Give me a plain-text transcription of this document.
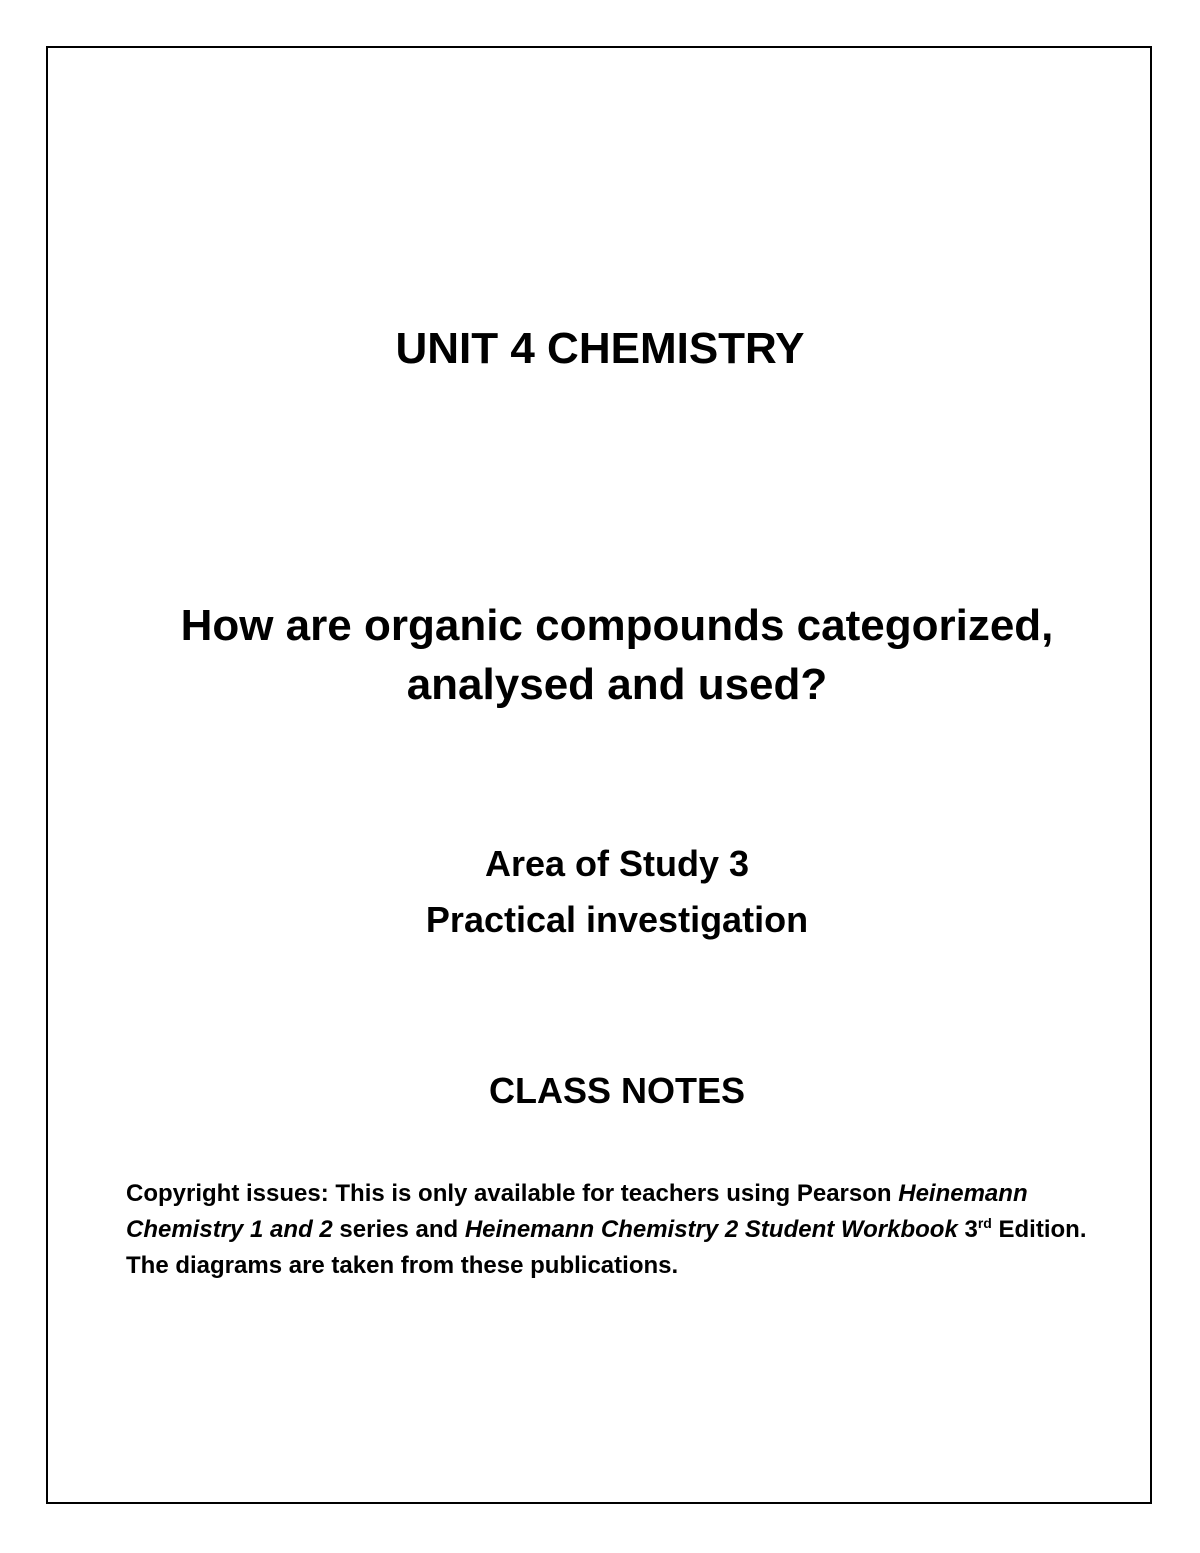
UNIT 4 CHEMISTRY
How are organic compounds categorized,
analysed and used?
Area of Study 3
Practical investigation
CLASS NOTES

Copyright issues: This is only available for teachers using Pearson Heinemann Chemistry 1 and 2 series and Heinemann Chemistry 2 Student Workbook 3rd Edition. The diagrams are taken from these publications.
